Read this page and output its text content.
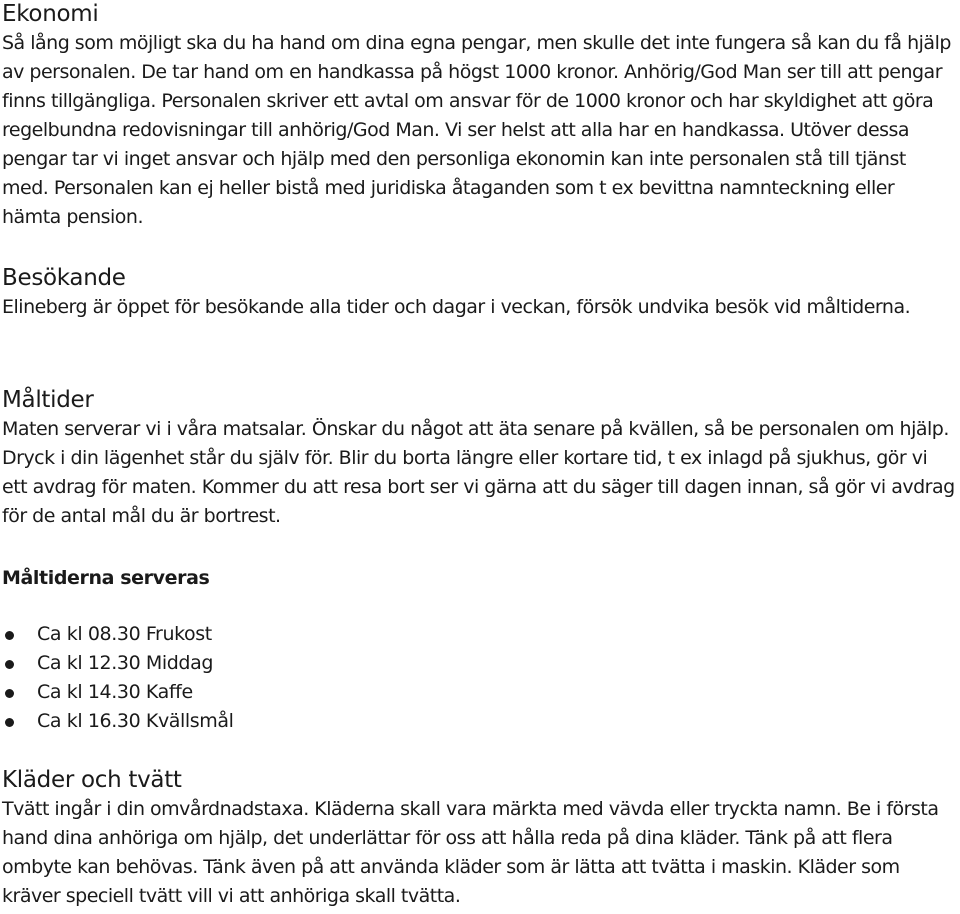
Ekonomi

Så lång som möjligt ska du ha hand om dina egna pengar, men skulle det inte fungera så kan du få hjälp av personalen. De tar hand om en handkassa på högst 1000 kronor. Anhörig/God Man ser till att pengar finns tillgängliga. Personalen skriver ett avtal om ansvar för de 1000 kronor och har skyldighet att göra regelbundna redovisningar till anhörig/God Man. Vi ser helst att alla har en handkassa. Utöver dessa pengar tar vi inget ansvar och hjälp med den personliga ekonomin kan inte personalen stå till tjänst med. Personalen kan ej heller bistå med juridiska åtaganden som t ex bevittna namnteckning eller hämta pension.

Besökande

Elineberg är öppet för besökande alla tider och dagar i veckan, försök undvika besök vid måltiderna.

Måltider

Maten serverar vi i våra matsalar. Önskar du något att äta senare på kvällen, så be personalen om hjälp. Dryck i din lägenhet står du själv för. Blir du borta längre eller kortare tid, t ex inlagd på sjukhus, gör vi ett avdrag för maten. Kommer du att resa bort ser vi gärna att du säger till dagen innan, så gör vi avdrag för de antal mål du är bortrest.

Måltiderna serveras
Ca kl 08.30 Frukost
Ca kl 12.30 Middag
Ca kl 14.30 Kaffe
Ca kl 16.30 Kvällsmål
Kläder och tvätt

Tvätt ingår i din omvårdnadstaxa. Kläderna skall vara märkta med vävda eller tryckta namn. Be i första hand dina anhöriga om hjälp, det underlättar för oss att hålla reda på dina kläder. Tänk på att flera ombyte kan behövas. Tänk även på att använda kläder som är lätta att tvätta i maskin. Kläder som kräver speciell tvätt vill vi att anhöriga skall tvätta.
